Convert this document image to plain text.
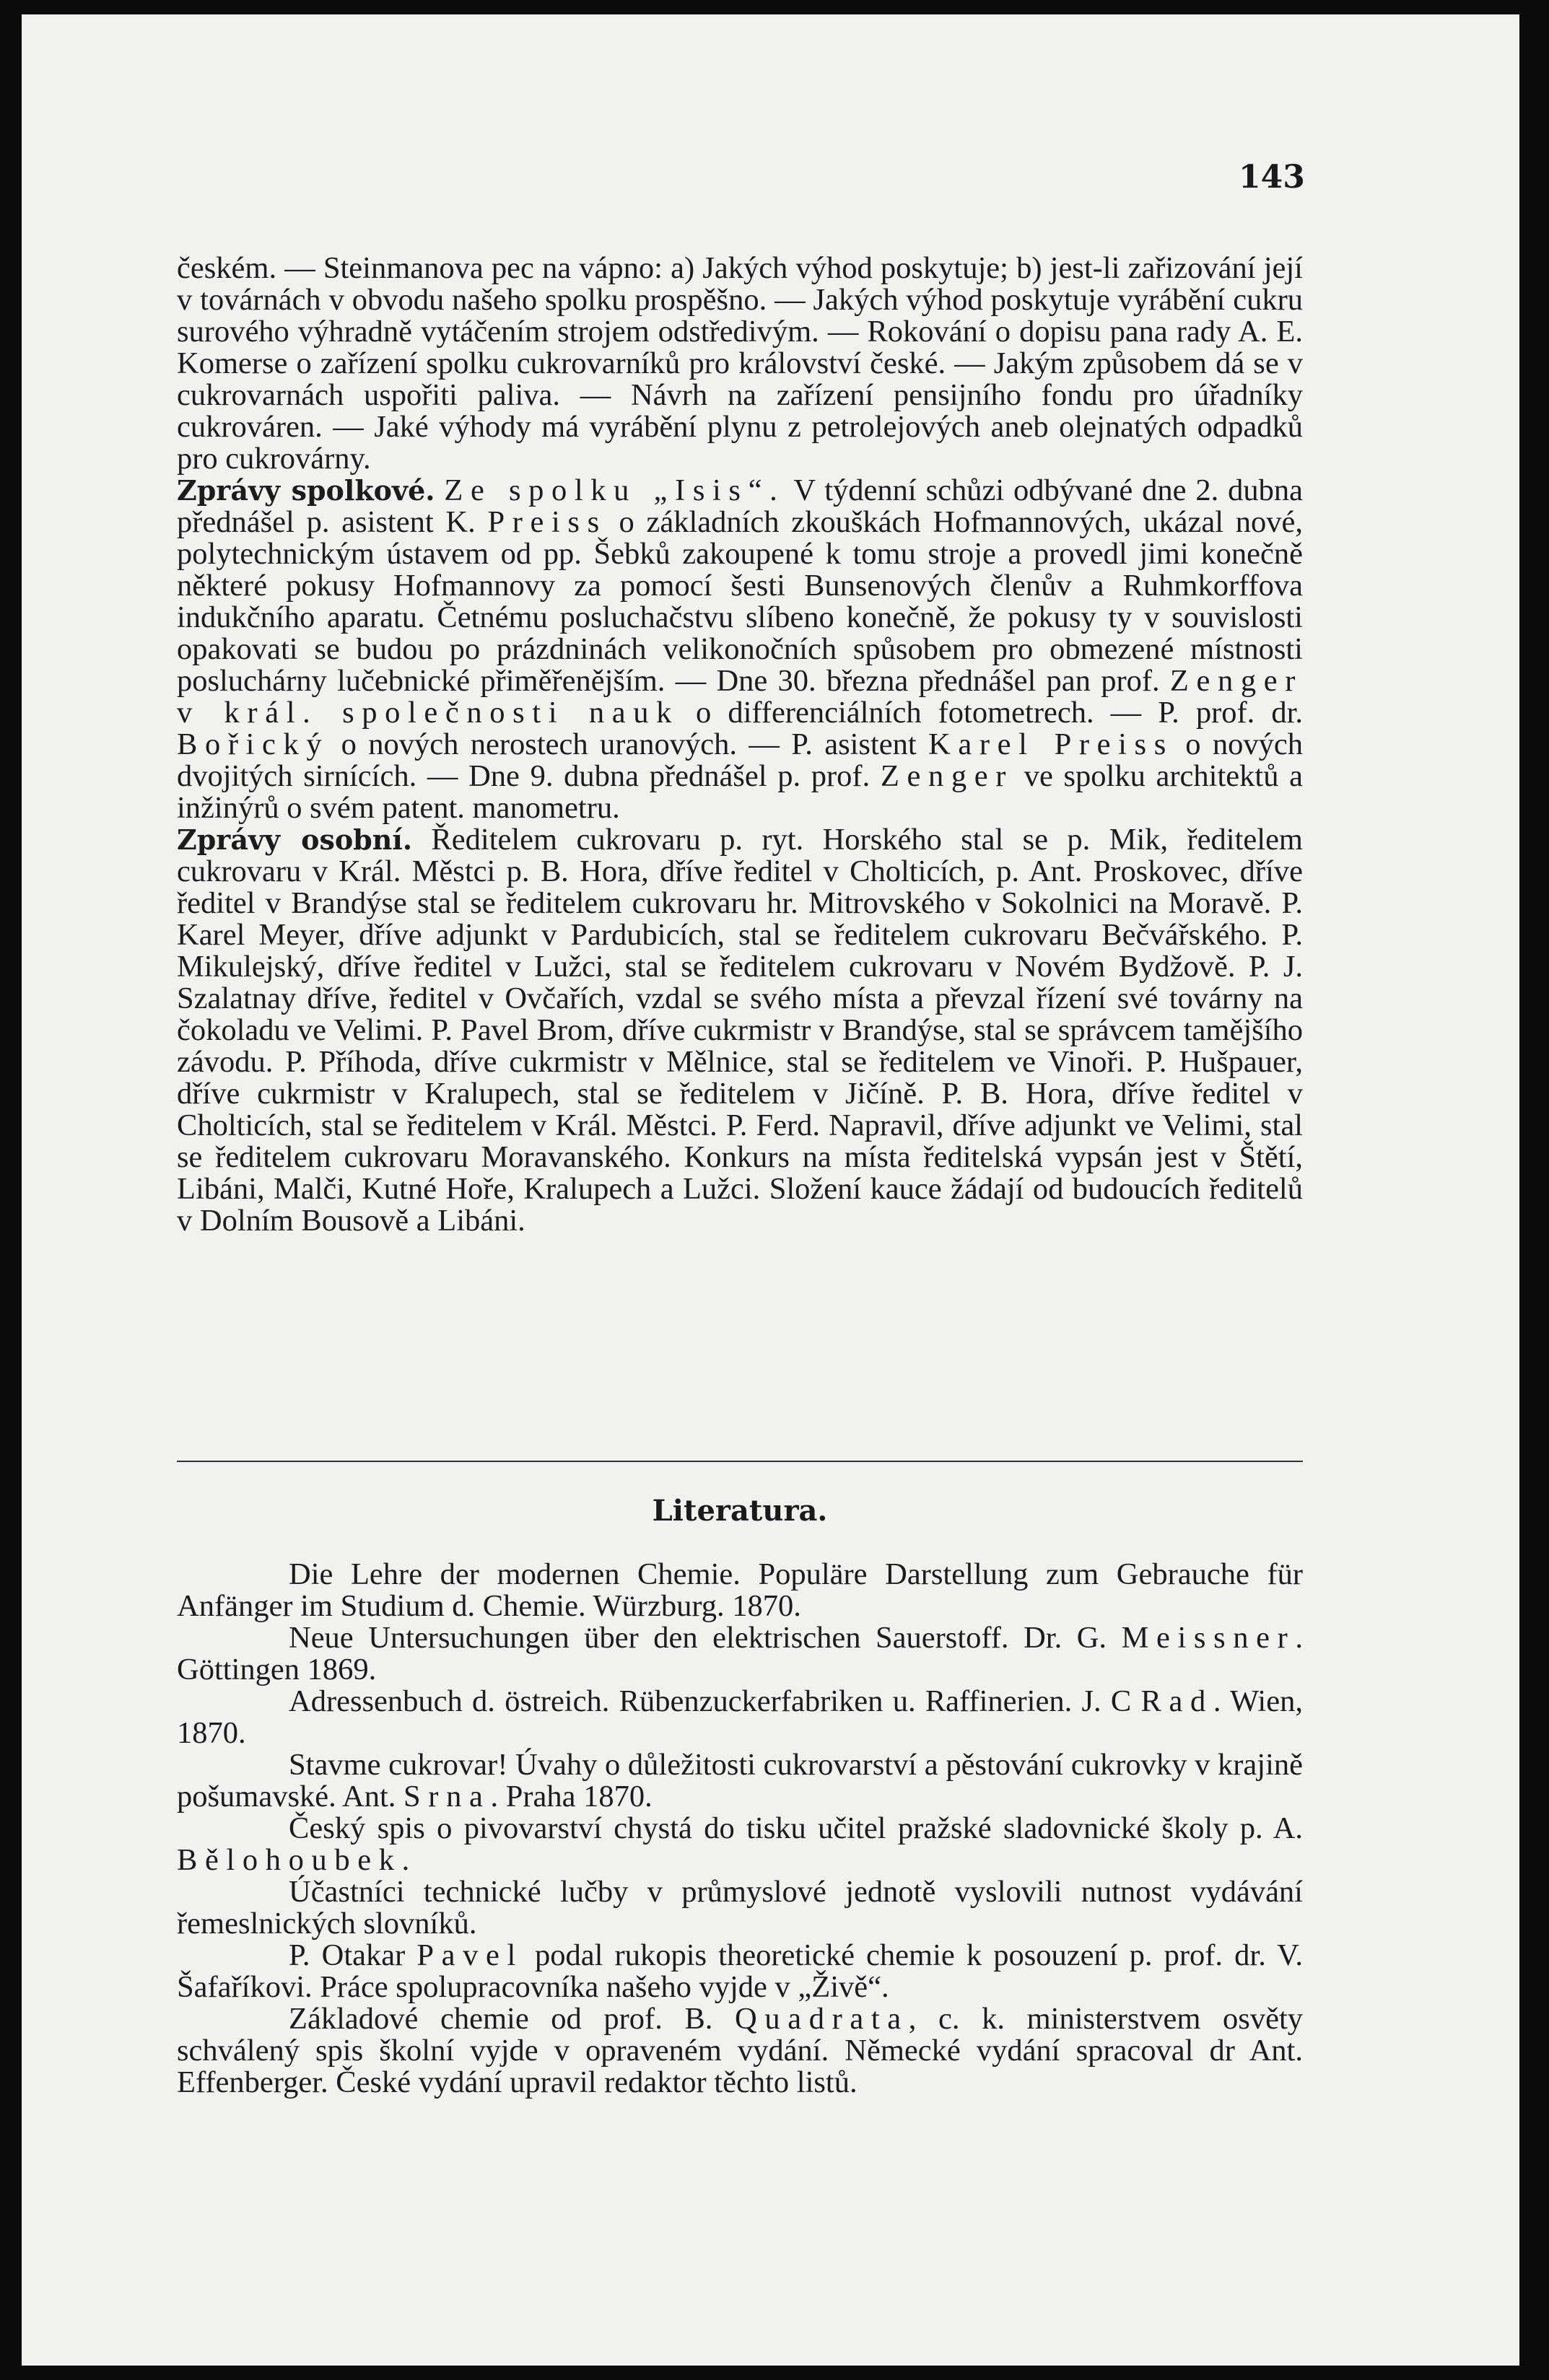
143

českém. — Steinmanova pec na vápno: a) Jakých výhod poskytuje; b) jest-li zařizování její v továrnách v obvodu našeho spolku prospěšno. — Jakých výhod poskytuje vyrábění cukru surového výhradně vytáčením strojem odstředivým. — Rokování o dopisu pana rady A. E. Komerse o zařízení spolku cukrovarníků pro království české. — Jakým způsobem dá se v cukrovarnách uspořiti paliva. — Návrh na zařízení pensijního fondu pro úřadníky cukrováren. — Jaké výhody má vyrábění plynu z petrolejových aneb olejnatých odpadků pro cukrovárny.

Zprávy spolkové. Ze spolku „Isis“. V týdenní schůzi odbývané dne 2. dubna přednášel p. asistent K. Preiss o základních zkouškách Hofmannových, ukázal nové, polytechnickým ústavem od pp. Šebků zakoupené k tomu stroje a provedl jimi konečně některé pokusy Hofmannovy za pomocí šesti Bunsenových členův a Ruhmkorffova indukčního aparatu. Četnému posluchačstvu slíbeno konečně, že pokusy ty v souvislosti opakovati se budou po prázdninách velikonočních spůsobem pro obmezené místnosti posluchárny lučebnické přiměřenějším. — Dne 30. března přednášel pan prof. Zenger v král. společnosti nauk o differenciálních fotometrech. — P. prof. dr. Bořický o nových nerostech uranových. — P. asistent Karel Preiss o nových dvojitých sirnících. — Dne 9. dubna přednášel p. prof. Zenger ve spolku architektů a inžinýrů o svém patent. manometru.

Zprávy osobní. Ředitelem cukrovaru p. ryt. Horského stal se p. Mik, ředitelem cukrovaru v Král. Městci p. B. Hora, dříve ředitel v Cholticích, p. Ant. Proskovec, dříve ředitel v Brandýse stal se ředitelem cukrovaru hr. Mitrovského v Sokolnici na Moravě. P. Karel Meyer, dříve adjunkt v Pardubicích, stal se ředitelem cukrovaru Bečvářského. P. Mikulejský, dříve ředitel v Lužci, stal se ředitelem cukrovaru v Novém Bydžově. P. J. Szalatnay dříve, ředitel v Ovčařích, vzdal se svého místa a převzal řízení své továrny na čokoladu ve Velimi. P. Pavel Brom, dříve cukrmistr v Brandýse, stal se správcem tamějšího závodu. P. Příhoda, dříve cukrmistr v Mělnice, stal se ředitelem ve Vinoři. P. Hušpauer, dříve cukrmistr v Kralupech, stal se ředitelem v Jičíně. P. B. Hora, dříve ředitel v Cholticích, stal se ředitelem v Král. Městci. P. Ferd. Napravil, dříve adjunkt ve Velimi, stal se ředitelem cukrovaru Moravanského. Konkurs na místa ředitelská vypsán jest v Štětí, Libáni, Malči, Kutné Hoře, Kralupech a Lužci. Složení kauce žádají od budoucích ředitelů v Dolním Bousově a Libáni.

Literatura.

Die Lehre der modernen Chemie. Populäre Darstellung zum Gebrauche für Anfänger im Studium d. Chemie. Würzburg. 1870.

Neue Untersuchungen über den elektrischen Sauerstoff. Dr. G. Meissner. Göttingen 1869.

Adressenbuch d. östreich. Rübenzuckerfabriken u. Raffinerien. J. C Rad. Wien, 1870.

Stavme cukrovar! Úvahy o důležitosti cukrovarství a pěstování cukrovky v krajině pošumavské. Ant. Srna. Praha 1870.

Český spis o pivovarství chystá do tisku učitel pražské sladovnické školy p. A. Bělohoubek.

Účastníci technické lučby v průmyslové jednotě vyslovili nutnost vydávání řemeslnických slovníků.

P. Otakar Pavel podal rukopis theoretické chemie k posouzení p. prof. dr. V. Šafaříkovi. Práce spolupracovníka našeho vyjde v „Živě“.

Základové chemie od prof. B. Quadrata, c. k. ministerstvem osvěty schválený spis školní vyjde v opraveném vydání. Německé vydání spracoval dr Ant. Effenberger. České vydání upravil redaktor těchto listů.
